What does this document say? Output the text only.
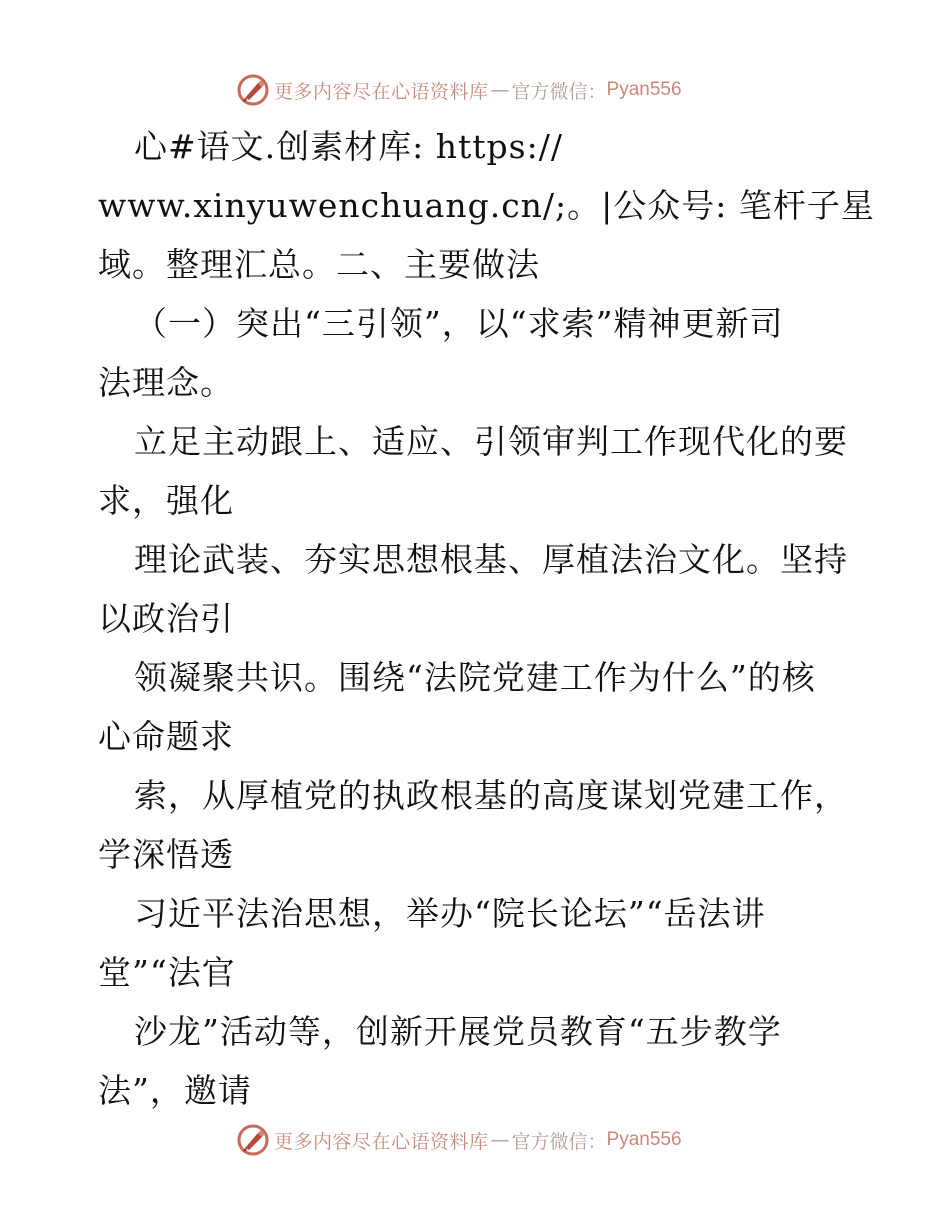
更多内容尽在心语资料库 — 官方微信： Pyan556
心#语文.创素材库: https://
www.xinyuwenchuang.cn/;。|公众号: 笔杆子星
域。整理汇总。二、主要做法
（一）突出“三引领”，以“求索”精神更新司
法理念。
立足主动跟上、适应、引领审判工作现代化的要
求，强化
理论武装、夯实思想根基、厚植法治文化。坚持
以政治引
领凝聚共识。围绕“法院党建工作为什么”的核
心命题求
索，从厚植党的执政根基的高度谋划党建工作，
学深悟透
习近平法治思想，举办“院长论坛”“岳法讲
堂”“法官
沙龙”活动等，创新开展党员教育“五步教学
法”，邀请
更多内容尽在心语资料库 — 官方微信： Pyan556
